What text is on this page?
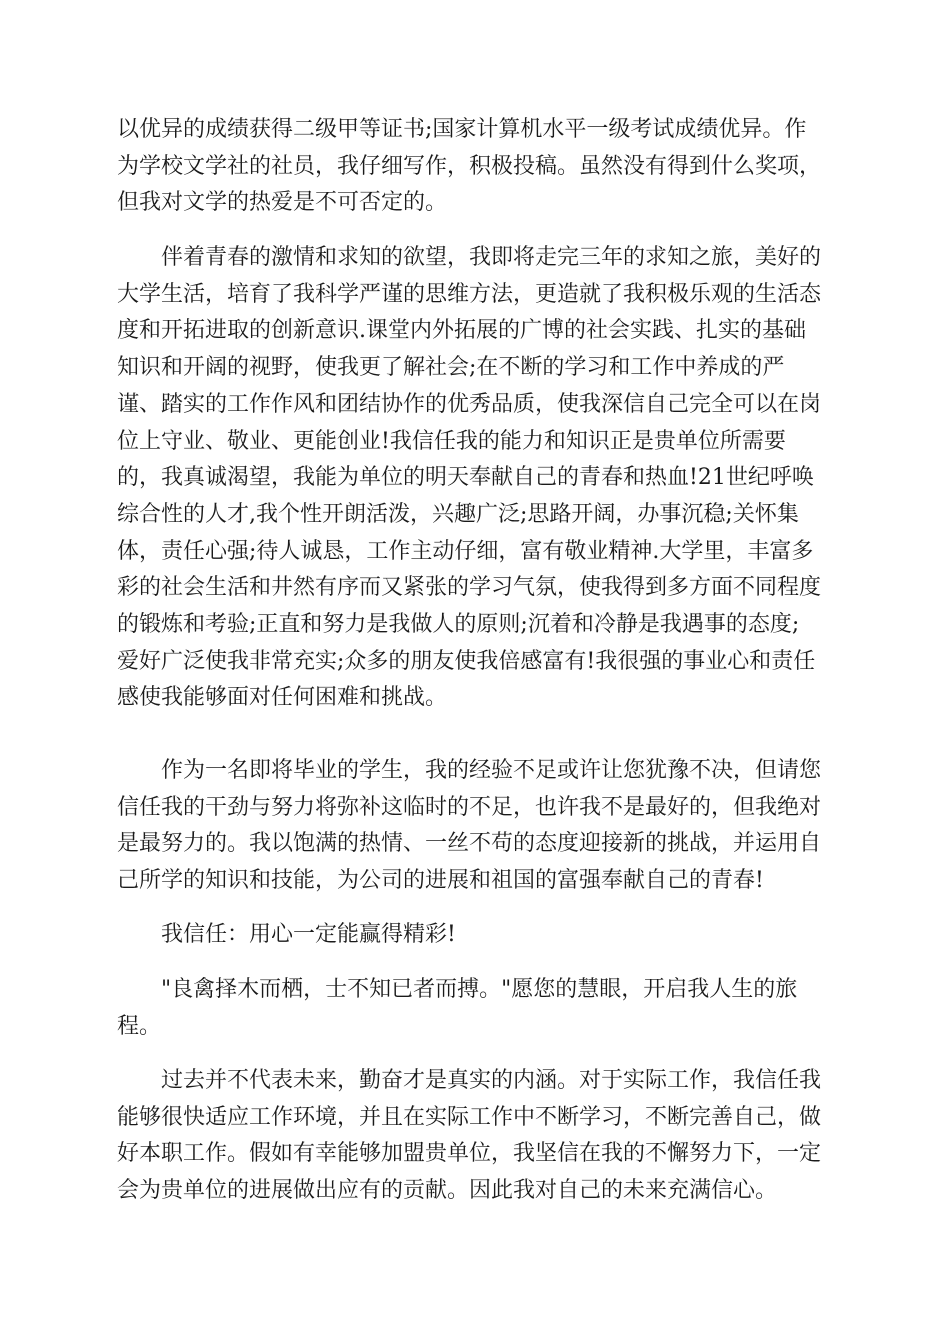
以优异的成绩获得二级甲等证书;国家计算机水平一级考试成绩优异。作
为学校文学社的社员，我仔细写作，积极投稿。虽然没有得到什么奖项，
但我对文学的热爱是不可否定的。
伴着青春的激情和求知的欲望，我即将走完三年的求知之旅，美好的
大学生活，培育了我科学严谨的思维方法，更造就了我积极乐观的生活态
度和开拓进取的创新意识.课堂内外拓展的广博的社会实践、扎实的基础
知识和开阔的视野，使我更了解社会;在不断的学习和工作中养成的严
谨、踏实的工作作风和团结协作的优秀品质，使我深信自己完全可以在岗
位上守业、敬业、更能创业!我信任我的能力和知识正是贵单位所需要
的，我真诚渴望，我能为单位的明天奉献自己的青春和热血!21世纪呼唤
综合性的人才,我个性开朗活泼，兴趣广泛;思路开阔，办事沉稳;关怀集
体，责任心强;待人诚恳，工作主动仔细，富有敬业精神.大学里，丰富多
彩的社会生活和井然有序而又紧张的学习气氛，使我得到多方面不同程度
的锻炼和考验;正直和努力是我做人的原则;沉着和冷静是我遇事的态度;
爱好广泛使我非常充实;众多的朋友使我倍感富有!我很强的事业心和责任
感使我能够面对任何困难和挑战。
作为一名即将毕业的学生，我的经验不足或许让您犹豫不决，但请您
信任我的干劲与努力将弥补这临时的不足，也许我不是最好的，但我绝对
是最努力的。我以饱满的热情、一丝不苟的态度迎接新的挑战，并运用自
己所学的知识和技能，为公司的进展和祖国的富强奉献自己的青春!
我信任：用心一定能赢得精彩!
"良禽择木而栖，士不知已者而搏。"愿您的慧眼，开启我人生的旅
程。
过去并不代表未来，勤奋才是真实的内涵。对于实际工作，我信任我
能够很快适应工作环境，并且在实际工作中不断学习，不断完善自己，做
好本职工作。假如有幸能够加盟贵单位，我坚信在我的不懈努力下，一定
会为贵单位的进展做出应有的贡献。因此我对自己的未来充满信心。
